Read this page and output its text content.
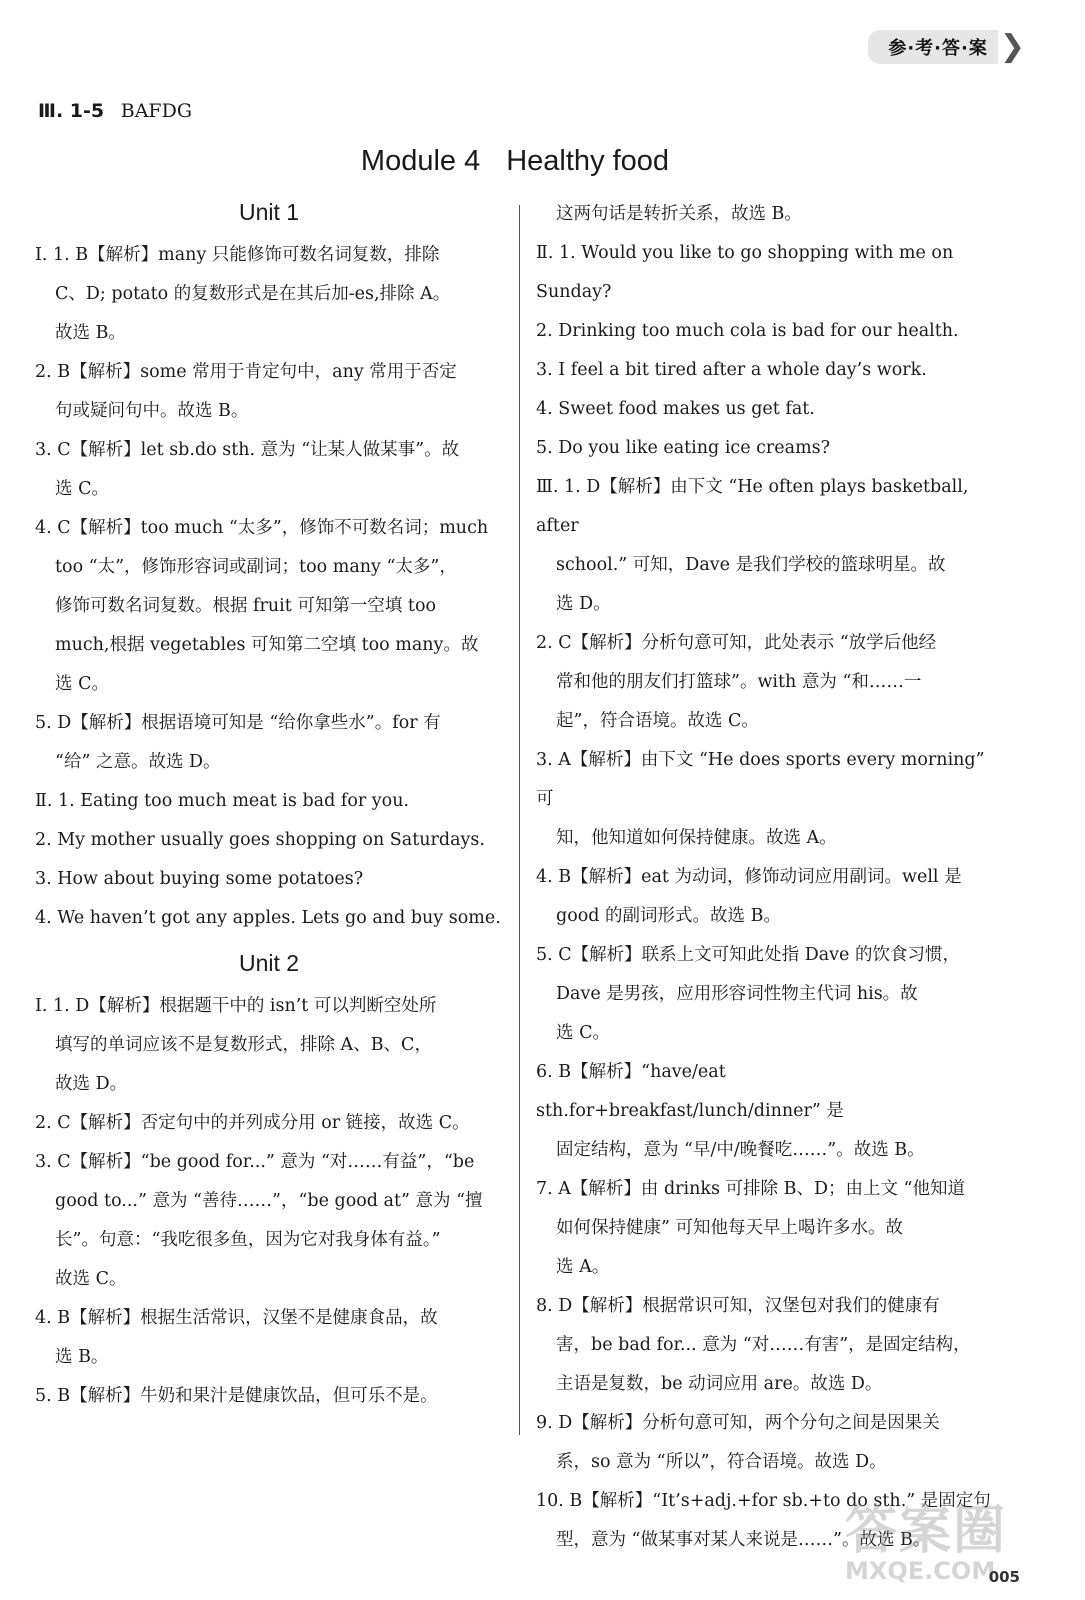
参·考·答·案 ❯
Ⅲ. 1-5 BAFDG
Module 4 Healthy food
Unit 1
Ⅰ. 1. B【解析】many 只能修饰可数名词复数，排除
C、D; potato 的复数形式是在其后加-es,排除 A。
故选 B。
2. B【解析】some 常用于肯定句中，any 常用于否定
句或疑问句中。故选 B。
3. C【解析】let sb.do sth. 意为 “让某人做某事”。故
选 C。
4. C【解析】too much “太多”，修饰不可数名词；much
too “太”，修饰形容词或副词；too many “太多”，
修饰可数名词复数。根据 fruit 可知第一空填 too
much,根据 vegetables 可知第二空填 too many。故
选 C。
5. D【解析】根据语境可知是 “给你拿些水”。for 有
“给” 之意。故选 D。
Ⅱ. 1. Eating too much meat is bad for you.
2. My mother usually goes shopping on Saturdays.
3. How about buying some potatoes?
4. We haven’t got any apples. Lets go and buy some.
Unit 2
Ⅰ. 1. D【解析】根据题干中的 isn’t 可以判断空处所
填写的单词应该不是复数形式，排除 A、B、C，
故选 D。
2. C【解析】否定句中的并列成分用 or 链接，故选 C。
3. C【解析】“be good for...” 意为 “对……有益”，“be
good to...” 意为 “善待……”，“be good at” 意为 “擅
长”。句意：“我吃很多鱼，因为它对我身体有益。”
故选 C。
4. B【解析】根据生活常识，汉堡不是健康食品，故
选 B。
5. B【解析】牛奶和果汁是健康饮品，但可乐不是。
这两句话是转折关系，故选 B。
Ⅱ. 1. Would you like to go shopping with me on Sunday?
2. Drinking too much cola is bad for our health.
3. I feel a bit tired after a whole day’s work.
4. Sweet food makes us get fat.
5. Do you like eating ice creams?
Ⅲ. 1. D【解析】由下文 “He often plays basketball, after
school.” 可知，Dave 是我们学校的篮球明星。故
选 D。
2. C【解析】分析句意可知，此处表示 “放学后他经
常和他的朋友们打篮球”。with 意为 “和……一
起”，符合语境。故选 C。
3. A【解析】由下文 “He does sports every morning” 可
知，他知道如何保持健康。故选 A。
4. B【解析】eat 为动词，修饰动词应用副词。well 是
good 的副词形式。故选 B。
5. C【解析】联系上文可知此处指 Dave 的饮食习惯，
Dave 是男孩，应用形容词性物主代词 his。故
选 C。
6. B【解析】“have/eat sth.for+breakfast/lunch/dinner” 是
固定结构，意为 “早/中/晚餐吃……”。故选 B。
7. A【解析】由 drinks 可排除 B、D；由上文 “他知道
如何保持健康” 可知他每天早上喝许多水。故
选 A。
8. D【解析】根据常识可知，汉堡包对我们的健康有
害，be bad for... 意为 “对……有害”，是固定结构，
主语是复数，be 动词应用 are。故选 D。
9. D【解析】分析句意可知，两个分句之间是因果关
系，so 意为 “所以”，符合语境。故选 D。
10. B【解析】“It’s+adj.+for sb.+to do sth.” 是固定句
型，意为 “做某事对某人来说是……”。故选 B。
答案圈
MXQE.COM
005
